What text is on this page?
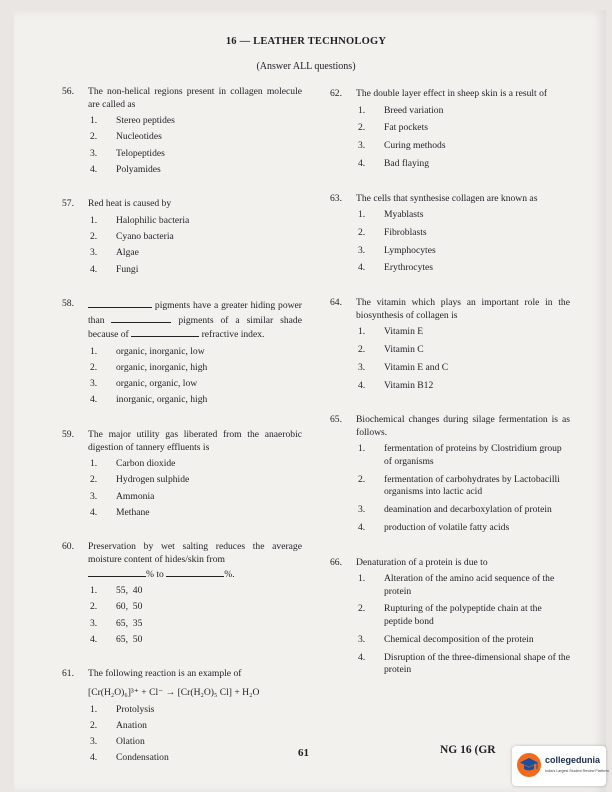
16 — LEATHER TECHNOLOGY
(Answer ALL questions)
56. The non-helical regions present in collagen molecule are called as
1. Stereo peptides
2. Nucleotides
3. Telopeptides
4. Polyamides
57. Red heat is caused by
1. Halophilic bacteria
2. Cyano bacteria
3. Algae
4. Fungi
58.	pigments have a greater hiding power than	pigments of a similar shade because of	refractive index.
1. organic, inorganic, low
2. organic, inorganic, high
3. organic, organic, low
4. inorganic, organic, high
59. The major utility gas liberated from the anaerobic digestion of tannery effluents is
1. Carbon dioxide
2. Hydrogen sulphide
3. Ammonia
4. Methane
60. Preservation by wet salting reduces the average moisture content of hides/skin from
% to	%.
1. 55,  40
2. 60,  50
3. 65,  35
4. 65,  50
61. The following reaction is an example of
[Cr(H₂O)₆]³⁺ + Cl⁻ → [Cr(H₂O)₅ Cl] + H₂O
1. Protolysis
2. Anation
3. Olation
4. Condensation
62. The double layer effect in sheep skin is a result of
1. Breed variation
2. Fat pockets
3. Curing methods
4. Bad flaying
63. The cells that synthesise collagen are known as
1. Myablasts
2. Fibroblasts
3. Lymphocytes
4. Erythrocytes
64. The vitamin which plays an important role in the biosynthesis of collagen is
1. Vitamin E
2. Vitamin C
3. Vitamin E and C
4. Vitamin B12
65. Biochemical changes during silage fermentation is as follows.
1. fermentation of proteins by Clostridium group of organisms
2. fermentation of carbohydrates by Lactobacilli organisms into lactic acid
3. deamination and decarboxylation of protein
4. production of volatile fatty acids
66. Denaturation of a protein is due to
1. Alteration of the amino acid sequence of the protein
2. Rupturing of the polypeptide chain at the peptide bond
3. Chemical decomposition of the protein
4. Disruption of the three-dimensional shape of the protein
61	NG 16 (GR
collegedunia
India's Largest Student Review Platform
